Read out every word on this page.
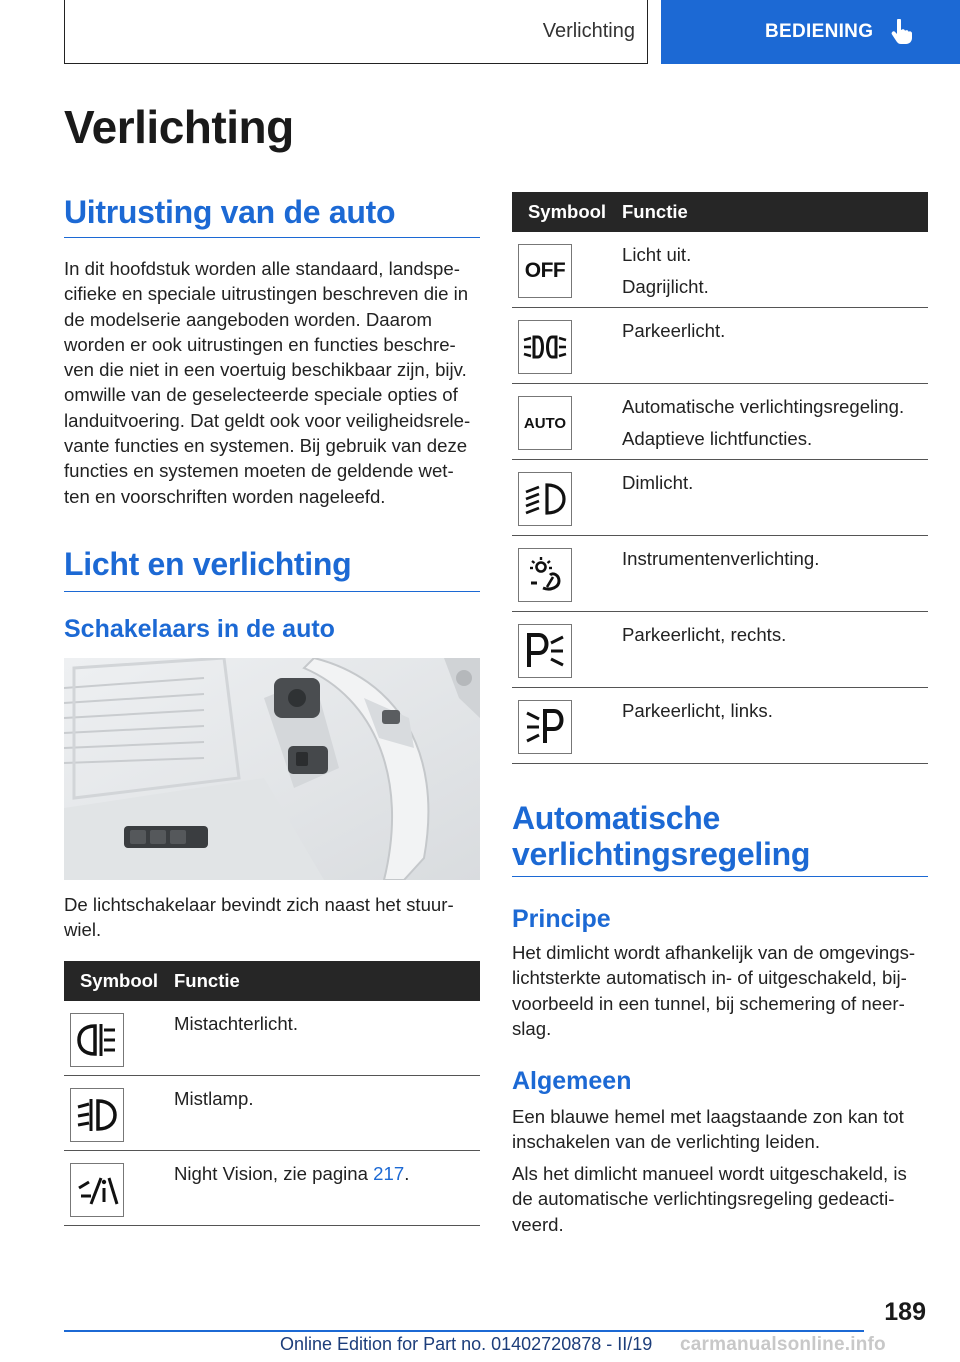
Verlichting	BEDIENING
Verlichting
Uitrusting van de auto

In dit hoofdstuk worden alle standaard, landspe-
cifieke en speciale uitrustingen beschreven die in
de modelserie aangeboden worden. Daarom
worden er ook uitrustingen en functies beschre-
ven die niet in een voertuig beschikbaar zijn, bijv.
omwille van de geselecteerde speciale opties of
landuitvoering. Dat geldt ook voor veiligheidsrele-
vante functies en systemen. Bij gebruik van deze
functies en systemen moeten de geldende wet-
ten en voorschriften worden nageleefd.

Licht en verlichting
Schakelaars in de auto

De lichtschakelaar bevindt zich naast het stuur-
wiel.

Symbool Functie
Mistachterlicht.
Mistlamp.
Night Vision, zie pagina 217.
Symbool Functie
OFF
Licht uit.
Dagrijlicht.
Parkeerlicht.
AUTO
Automatische verlichtingsregeling.
Adaptieve lichtfuncties.
Dimlicht.
Instrumentenverlichting.
Parkeerlicht, rechts.
Parkeerlicht, links.
Automatische
verlichtingsregeling
Principe

Het dimlicht wordt afhankelijk van de omgevings-
lichtsterkte automatisch in- of uitgeschakeld, bij-
voorbeeld in een tunnel, bij schemering of neer-
slag.

Algemeen

Een blauwe hemel met laagstaande zon kan tot
inschakelen van de verlichting leiden.

Als het dimlicht manueel wordt uitgeschakeld, is
de automatische verlichtingsregeling gedeacti-
veerd.

189
Online Edition for Part no. 01402720878 - II/19 carmanualsonline.info
